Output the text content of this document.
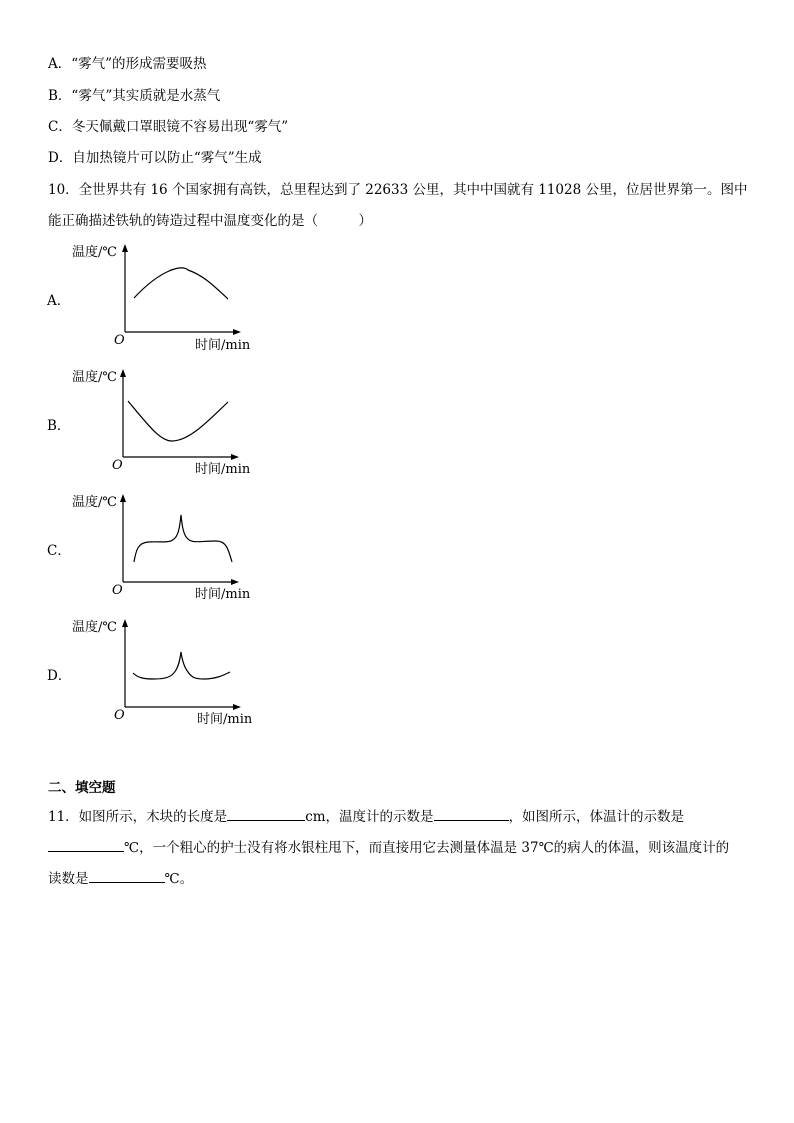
A．“雾气”的形成需要吸热
B．“雾气”其实质就是水蒸气
C．冬天佩戴口罩眼镜不容易出现“雾气”
D．自加热镜片可以防止“雾气”生成
10．全世界共有 16 个国家拥有高铁，总里程达到了 22633 公里，其中中国就有 11028 公里，位居世界第一。图中
能正确描述铁轨的铸造过程中温度变化的是（　　　）
A．
温度/℃
O	时间/min
B．
温度/℃
O	时间/min
C．
温度/℃
O	时间/min
D．
温度/℃
O	时间/min
二、填空题
11．如图所示，木块的长度是	cm，温度计的示数是	，如图所示，体温计的示数是
℃，一个粗心的护士没有将水银柱甩下，而直接用它去测量体温是 37℃的病人的体温，则该温度计的
读数是	℃。
